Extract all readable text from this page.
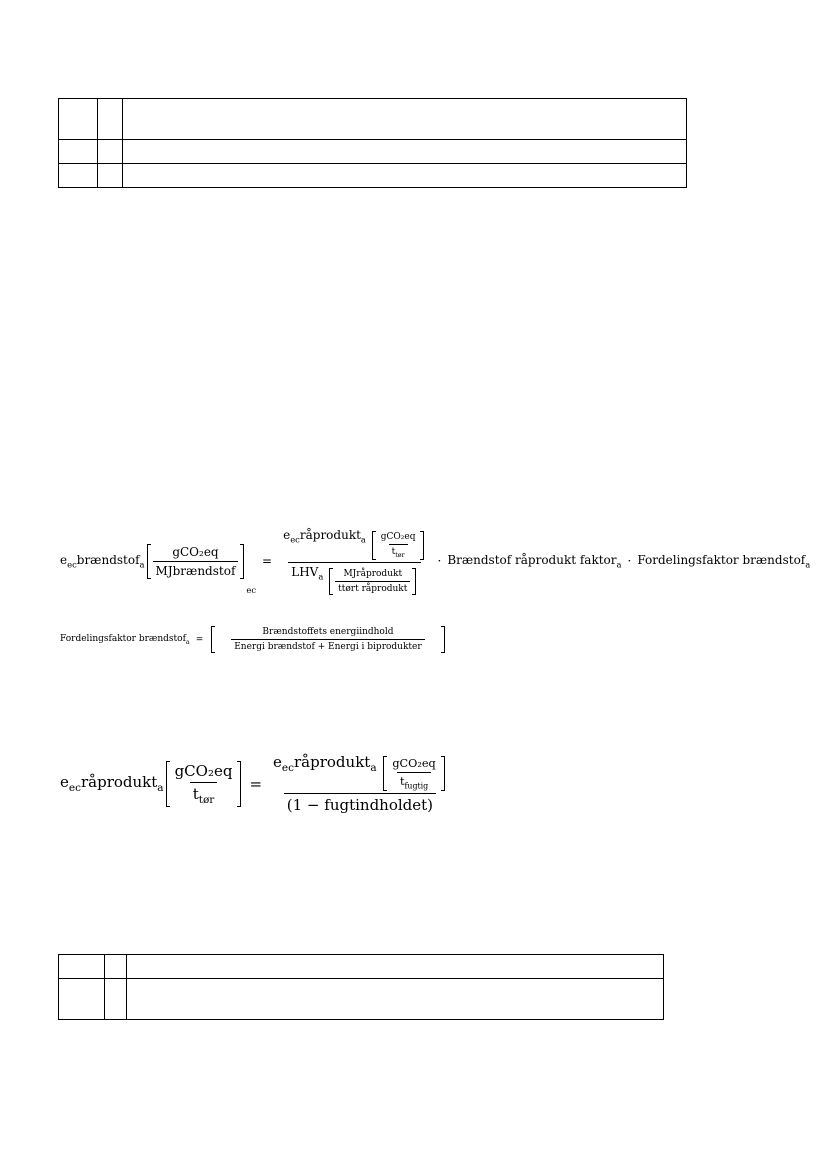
$e_{ec}brændstof_a \frac{\text{gCO₂eq}}{\text{MJbrændstof}}$
ec
= $\frac{e_{ec}råprodukt_a \frac{\text{gCO₂eq}}{t_{tør}}}{LHV_a \frac{\text{MJråprodukt}}{\text{ttørt råprodukt}}}$ · Brændstof råprodukt faktor$_a$ · Fordelingsfaktor brændstof$_a$
Fordelingsfaktor brændstof$_a$ = $\frac{\text{Brændstoffets energiindhold}}{\text{Energi brændstof + Energi i biprodukter}}$
$e_{ec}råprodukt_a \frac{\text{gCO₂eq}}{t_{tør}} = \frac{e_{ec}råprodukt_a \frac{\text{gCO₂eq}}{t_{fugtig}}}{\text{(1 − fugtindholdet)}}$
